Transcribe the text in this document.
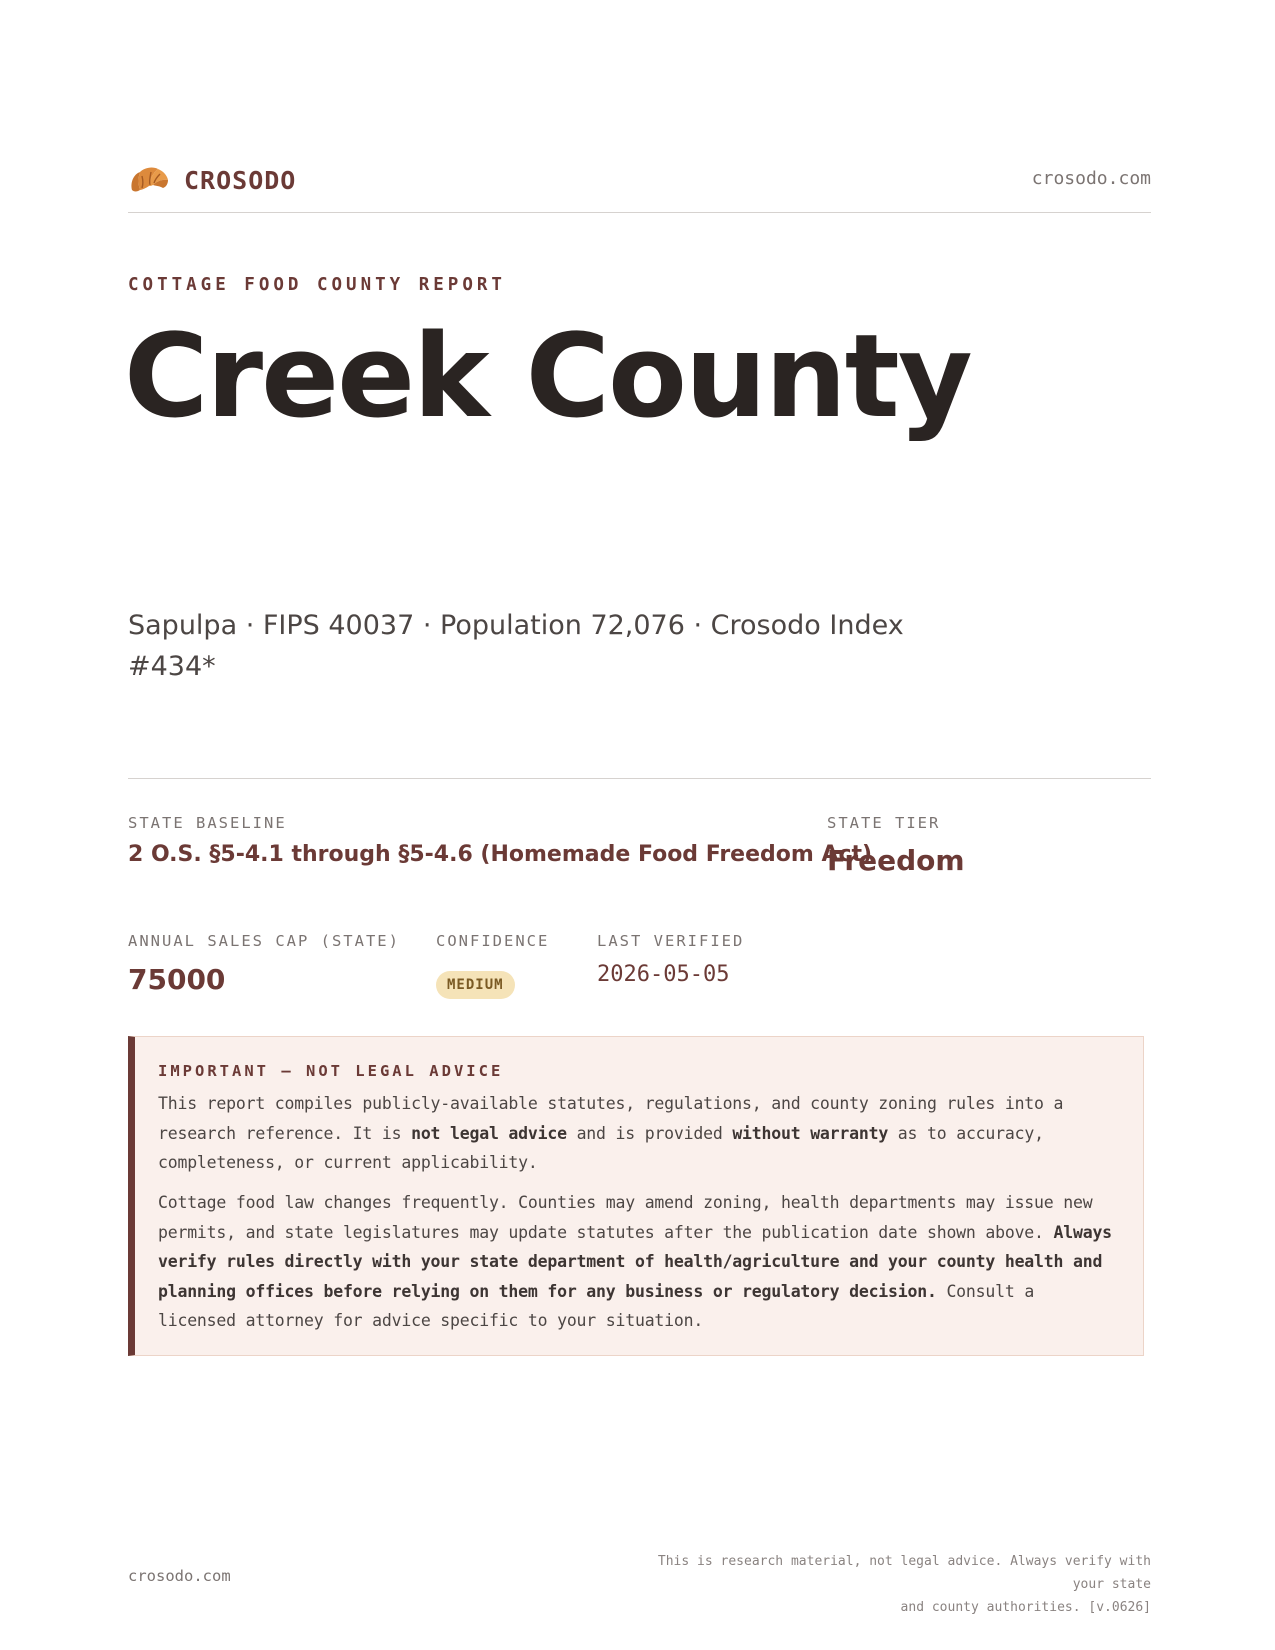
CROSODO	crosodo.com
COTTAGE FOOD COUNTY REPORT
Creek County
Sapulpa · FIPS 40037 · Population 72,076 · Crosodo Index #434*
STATE BASELINE
2 O.S. §5-4.1 through §5-4.6 (Homemade Food Freedom Act)
STATE TIER
Freedom
ANNUAL SALES CAP (STATE)
75000
CONFIDENCE
MEDIUM
LAST VERIFIED
2026-05-05
IMPORTANT — NOT LEGAL ADVICE

This report compiles publicly-available statutes, regulations, and county zoning rules into a research reference. It is not legal advice and is provided without warranty as to accuracy, completeness, or current applicability.

Cottage food law changes frequently. Counties may amend zoning, health departments may issue new permits, and state legislatures may update statutes after the publication date shown above. Always verify rules directly with your state department of health/agriculture and your county health and planning offices before relying on them for any business or regulatory decision. Consult a licensed attorney for advice specific to your situation.

crosodo.com
This is research material, not legal advice. Always verify with your state
and county authorities. [v.0626]
